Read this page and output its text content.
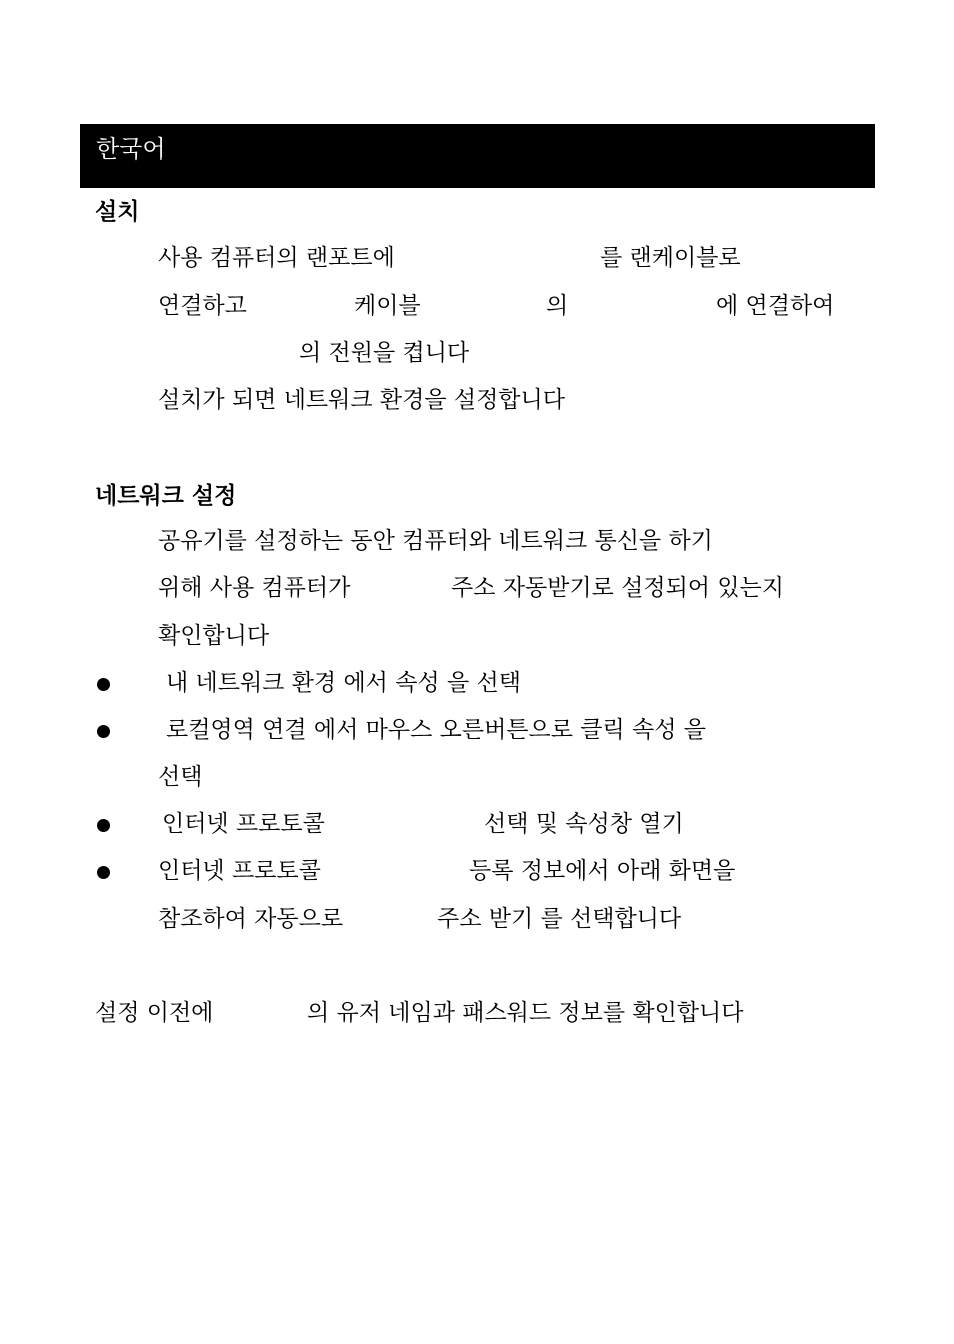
한국어
설치
사용 컴퓨터의 랜포트에	를 랜케이블로
연결하고	케이블	의	에 연결하여
의 전원을 켭니다
설치가 되면 네트워크 환경을 설정합니다
네트워크 설정
공유기를 설정하는 동안 컴퓨터와 네트워크 통신을 하기
위해 사용 컴퓨터가	주소 자동받기로 설정되어 있는지
확인합니다
내 네트워크 환경 에서 속성 을 선택
로컬영역 연결 에서 마우스 오른버튼으로 클릭 속성 을
선택
인터넷 프로토콜	선택 및 속성창 열기
인터넷 프로토콜	등록 정보에서 아래 화면을
참조하여 자동으로	주소 받기 를 선택합니다
설정 이전에	의 유저 네임과 패스워드 정보를 확인합니다
